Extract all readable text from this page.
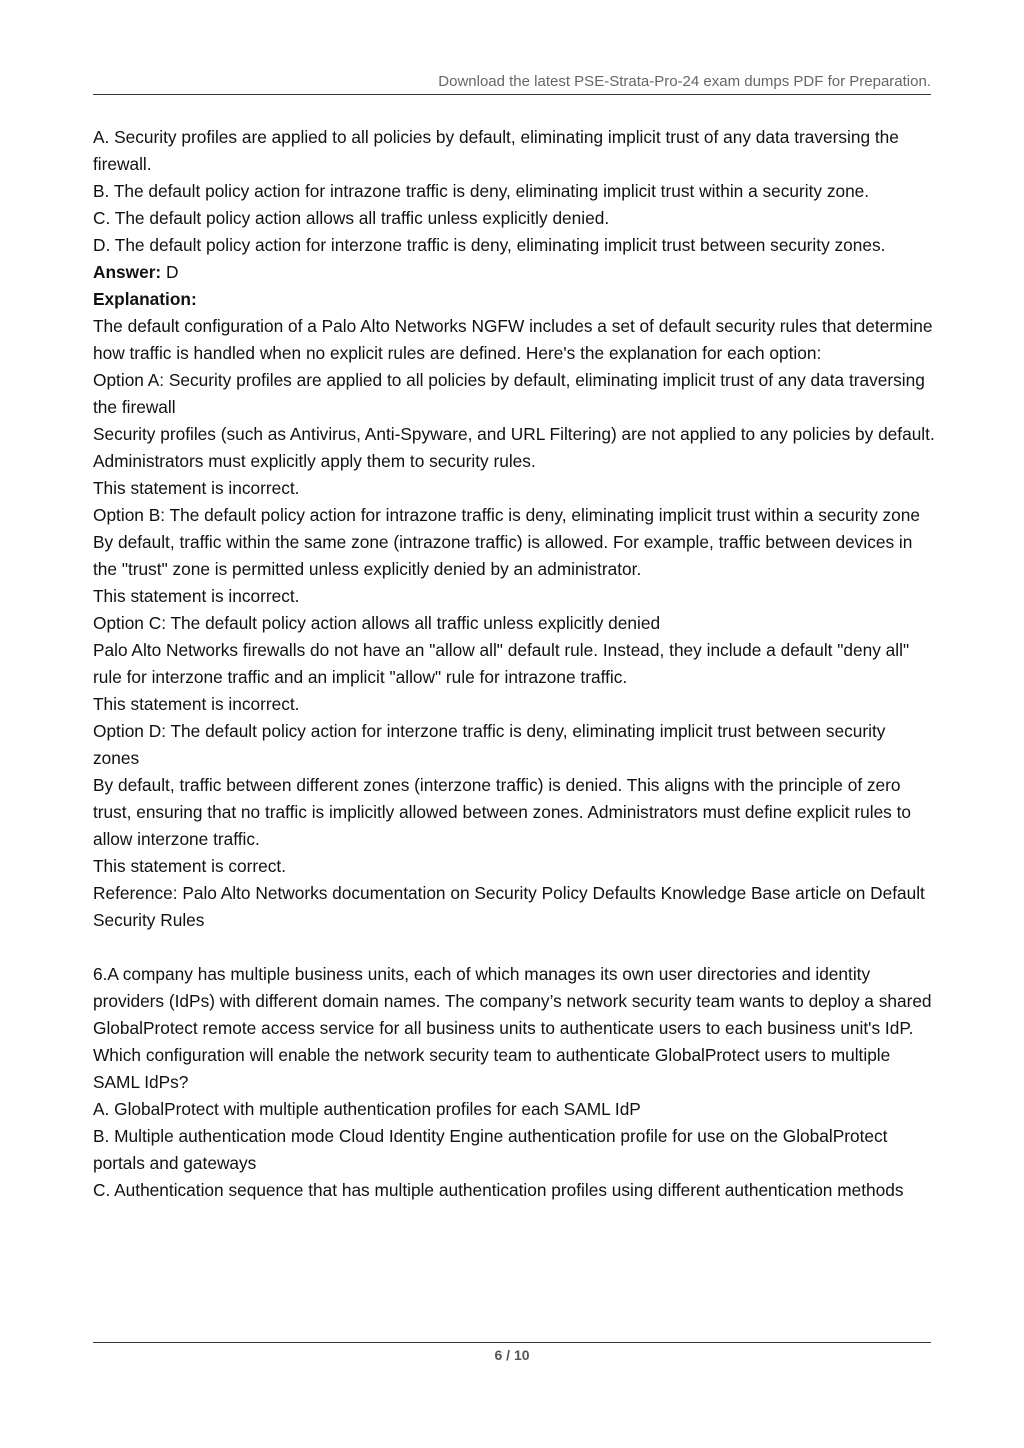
Download the latest PSE-Strata-Pro-24 exam dumps PDF for Preparation.

A. Security profiles are applied to all policies by default, eliminating implicit trust of any data traversing the firewall.

B. The default policy action for intrazone traffic is deny, eliminating implicit trust within a security zone.

C. The default policy action allows all traffic unless explicitly denied.

D. The default policy action for interzone traffic is deny, eliminating implicit trust between security zones.

Answer: D

Explanation:

The default configuration of a Palo Alto Networks NGFW includes a set of default security rules that determine how traffic is handled when no explicit rules are defined. Here's the explanation for each option:

Option A: Security profiles are applied to all policies by default, eliminating implicit trust of any data traversing the firewall

Security profiles (such as Antivirus, Anti-Spyware, and URL Filtering) are not applied to any policies by default. Administrators must explicitly apply them to security rules.

This statement is incorrect.

Option B: The default policy action for intrazone traffic is deny, eliminating implicit trust within a security zone

By default, traffic within the same zone (intrazone traffic) is allowed. For example, traffic between devices in the "trust" zone is permitted unless explicitly denied by an administrator.

This statement is incorrect.

Option C: The default policy action allows all traffic unless explicitly denied

Palo Alto Networks firewalls do not have an "allow all" default rule. Instead, they include a default "deny all" rule for interzone traffic and an implicit "allow" rule for intrazone traffic.

This statement is incorrect.

Option D: The default policy action for interzone traffic is deny, eliminating implicit trust between security zones

By default, traffic between different zones (interzone traffic) is denied. This aligns with the principle of zero trust, ensuring that no traffic is implicitly allowed between zones. Administrators must define explicit rules to allow interzone traffic.

This statement is correct.

Reference: Palo Alto Networks documentation on Security Policy Defaults Knowledge Base article on Default Security Rules

6.A company has multiple business units, each of which manages its own user directories and identity providers (IdPs) with different domain names. The company’s network security team wants to deploy a shared GlobalProtect remote access service for all business units to authenticate users to each business unit's IdP.

Which configuration will enable the network security team to authenticate GlobalProtect users to multiple SAML IdPs?

A. GlobalProtect with multiple authentication profiles for each SAML IdP

B. Multiple authentication mode Cloud Identity Engine authentication profile for use on the GlobalProtect portals and gateways

C. Authentication sequence that has multiple authentication profiles using different authentication methods

6 / 10
